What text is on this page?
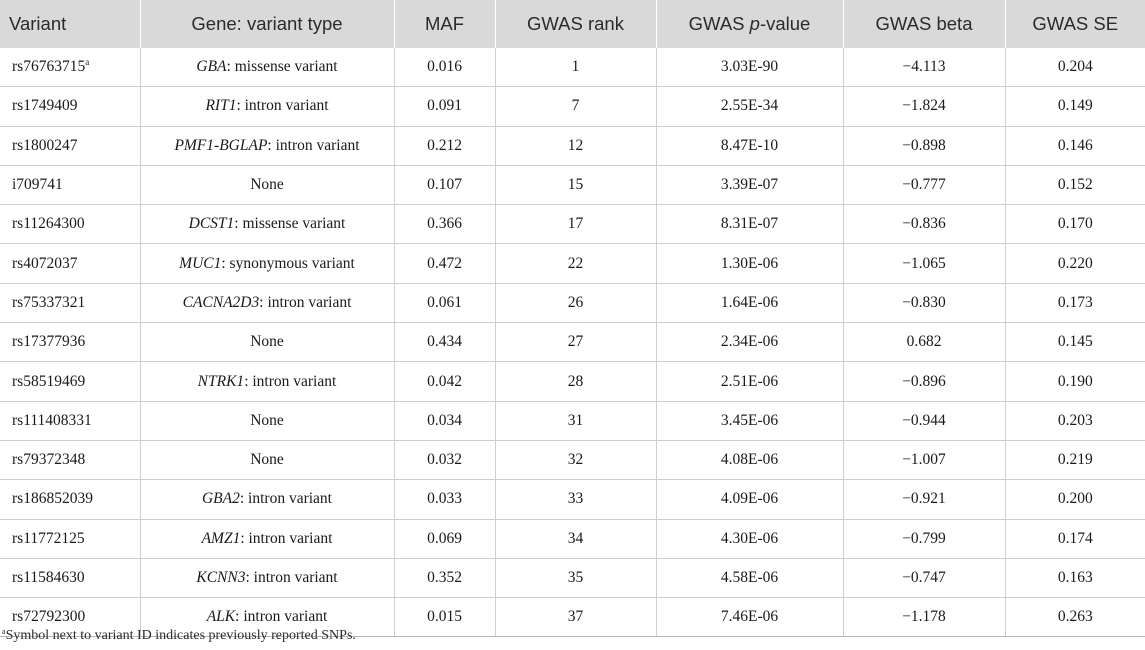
Variant	Gene: variant type	MAF	GWAS rank	GWAS p-value	GWAS beta	GWAS SE
rs76763715$^a$	GBA: missense variant	0.016	1	3.03E-90	−4.113	0.204
rs1749409	RIT1: intron variant	0.091	7	2.55E-34	−1.824	0.149
rs1800247	PMF1-BGLAP: intron variant	0.212	12	8.47E-10	−0.898	0.146
i709741	None	0.107	15	3.39E-07	−0.777	0.152
rs11264300	DCST1: missense variant	0.366	17	8.31E-07	−0.836	0.170
rs4072037	MUC1: synonymous variant	0.472	22	1.30E-06	−1.065	0.220
rs75337321	CACNA2D3: intron variant	0.061	26	1.64E-06	−0.830	0.173
rs17377936	None	0.434	27	2.34E-06	0.682	0.145
rs58519469	NTRK1: intron variant	0.042	28	2.51E-06	−0.896	0.190
rs111408331	None	0.034	31	3.45E-06	−0.944	0.203
rs79372348	None	0.032	32	4.08E-06	−1.007	0.219
rs186852039	GBA2: intron variant	0.033	33	4.09E-06	−0.921	0.200
rs11772125	AMZ1: intron variant	0.069	34	4.30E-06	−0.799	0.174
rs11584630	KCNN3: intron variant	0.352	35	4.58E-06	−0.747	0.163
rs72792300	ALK: intron variant	0.015	37	7.46E-06	−1.178	0.263
$^a$Symbol next to variant ID indicates previously reported SNPs.
